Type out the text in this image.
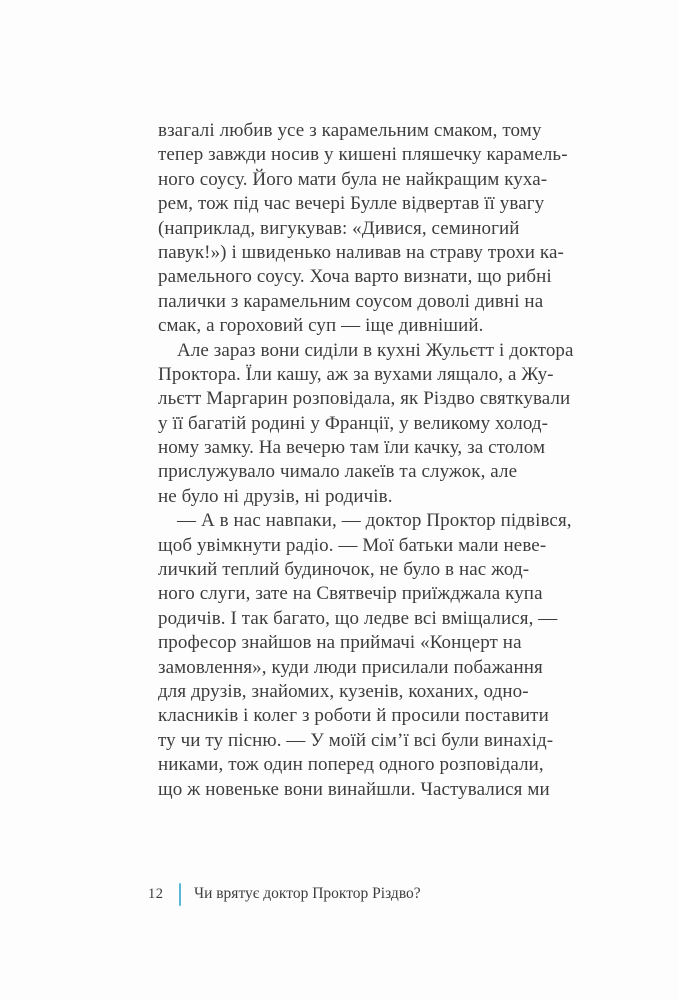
взагалі любив усе з карамельним смаком, тому
тепер завжди носив у кишені пляшечку карамель-
ного соусу. Його мати була не найкращим куха-
рем, тож під час вечері Булле відвертав її увагу
(наприклад, вигукував: «Дивися, семиногий
павук!») і швиденько наливав на страву трохи ка-
рамельного соусу. Хоча варто визнати, що рибні
палички з карамельним соусом доволі дивні на
смак, а гороховий суп — іще дивніший.
Але зараз вони сиділи в кухні Жульєтт і доктора
Проктора. Їли кашу, аж за вухами лящало, а Жу-
льєтт Маргарин розповідала, як Різдво святкували
у її багатій родині у Франції, у великому холод-
ному замку. На вечерю там їли качку, за столом
прислужувало чимало лакеїв та служок, але
не було ні друзів, ні родичів.
— А в нас навпаки, — доктор Проктор підвівся,
щоб увімкнути радіо. — Мої батьки мали неве-
личкий теплий будиночок, не було в нас жод-
ного слуги, зате на Святвечір приїжджала купа
родичів. І так багато, що ледве всі вміщалися, —
професор знайшов на приймачі «Концерт на
замовлення», куди люди присилали побажання
для друзів, знайомих, кузенів, коханих, одно-
класників і колег з роботи й просили поставити
ту чи ту пісню. — У моїй сім’ї всі були винахід-
никами, тож один поперед одного розповідали,
що ж новеньке вони винайшли. Частувалися ми
12 Чи врятує доктор Проктор Різдво?
